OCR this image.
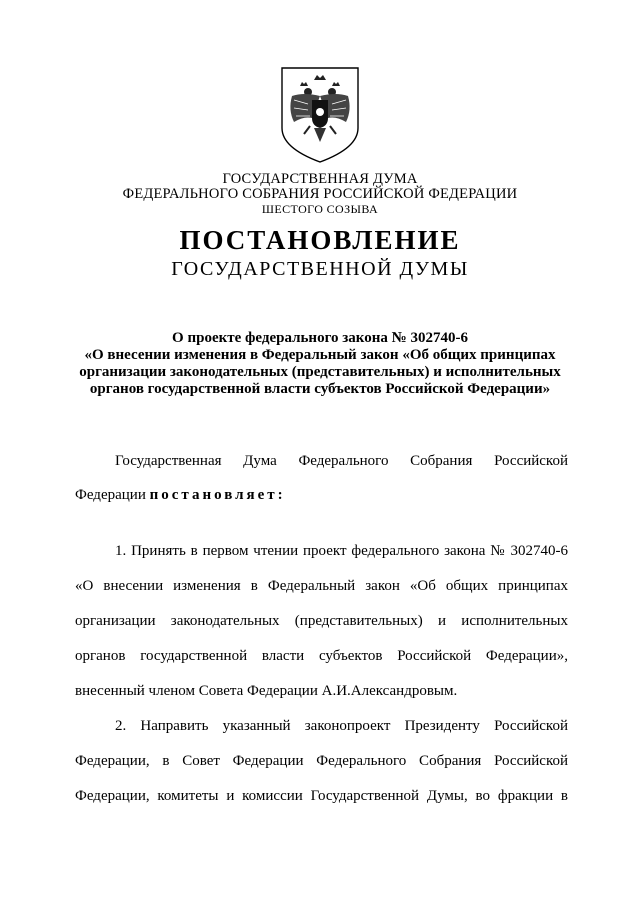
ГОСУДАРСТВЕННАЯ ДУМА
ФЕДЕРАЛЬНОГО СОБРАНИЯ РОССИЙСКОЙ ФЕДЕРАЦИИ
ШЕСТОГО СОЗЫВА
ПОСТАНОВЛЕНИЕ
ГОСУДАРСТВЕННОЙ ДУМЫ
О проекте федерального закона № 302740-6
«О внесении изменения в Федеральный закон «Об общих принципах
организации законодательных (представительных) и исполнительных
органов государственной власти субъектов Российской Федерации»
Государственная Дума Федерального Собрания Российской
Федерации постановляет:
1. Принять в первом чтении проект федерального закона № 302740-6
«О внесении изменения в Федеральный закон «Об общих принципах
организации законодательных (представительных) и исполнительных
органов государственной власти субъектов Российской Федерации»,
внесенный членом Совета Федерации А.И.Александровым.
2. Направить указанный законопроект Президенту Российской
Федерации, в Совет Федерации Федерального Собрания Российской
Федерации, комитеты и комиссии Государственной Думы, во фракции в
